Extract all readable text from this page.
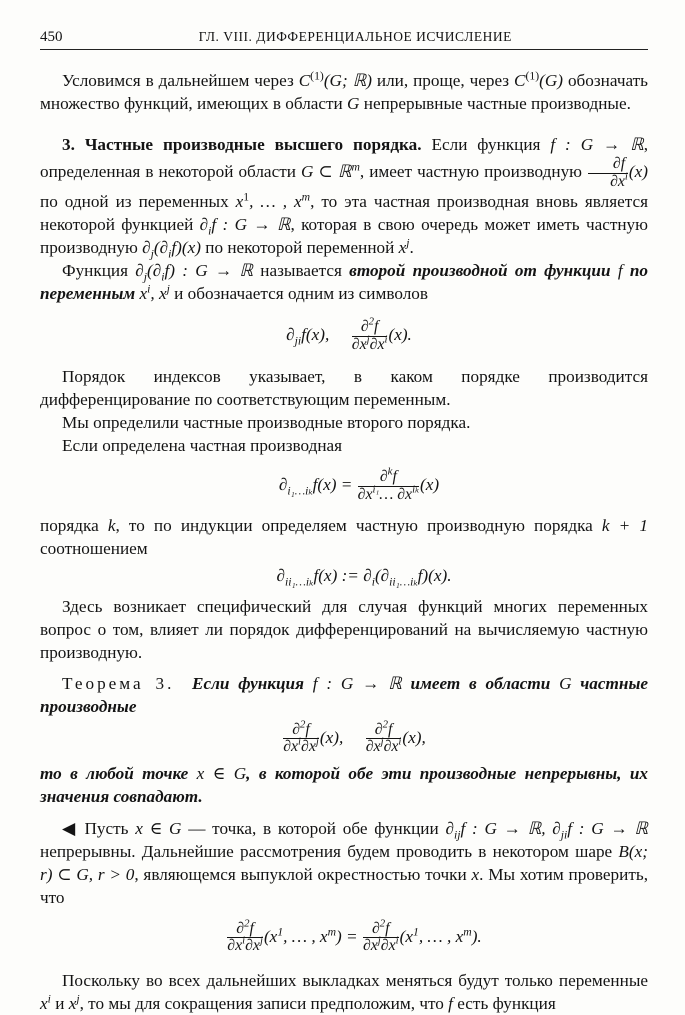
450	ГЛ. VIII. ДИФФЕРЕНЦИАЛЬНОЕ ИСЧИСЛЕНИЕ

Условимся в дальнейшем через $C^{(1)}(G$; ℝ) или, проще, через $C^{(1)}(G)$ обозначать множество функций, имеющих в области G непрерывные частные производные.

3. Частные производные высшего порядка. Если функция f : G → ℝ, определенная в некоторой области G ⊂ ℝ$^m$, имеет частную производную $\frac{\partial f}{\partial x^i} (x)$ по одной из переменных $x^1$, … , $x^m$, то эта частная производная вновь является некоторой функцией $\partial_if$ : G → ℝ, которая в свою очередь может иметь частную производную $\partial_j(\partial_if)(x)$ по некоторой переменной $x^j$.

Функция $\partial_j(\partial_if)$ : G → ℝ называется второй производной от функции f по переменным $x^i$, $x^j$ и обозначается одним из символов

$\partial_{ji}f(x)$, $\frac{\partial^2f}{\partial x^j\partial x^i} (x)$.

Порядок индексов указывает, в каком порядке производится дифференцирование по соответствующим переменным.

Мы определили частные производные второго порядка.

Если определена частная производная

$\partial_{i_1\dots i_k}f(x) = \frac{\partial^kf}{\partial x^{i_1}\dots \partial x^{i_k}} (x)$

порядка k, то по индукции определяем частную производную порядка k + 1 соотношением

$\partial_{ii_1\dots i_k}f(x)$ := $\partial_i(\partial_{ii_1\dots i_k}f)(x)$.

Здесь возникает специфический для случая функций многих переменных вопрос о том, влияет ли порядок дифференцирований на вычисляемую частную производную.

Теорема 3. Если функция f : G → ℝ имеет в области G частные производные

$\frac{\partial^2f}{\partial x^i\partial x^j} (x)$, $\frac{\partial^2f}{\partial x^j\partial x^i} (x)$,

то в любой точке x ∈ G, в которой обе эти производные непрерывны, их значения совпадают.

◀ Пусть x ∈ G — точка, в которой обе функции $\partial_{ij}f$ : G → ℝ, $\partial_{ji}f$ : G → ℝ непрерывны. Дальнейшие рассмотрения будем проводить в некотором шаре B(x; r) ⊂ G, r > 0, являющемся выпуклой окрестностью точки x. Мы хотим проверить, что

$\frac{\partial^2f}{\partial x^i\partial x^j} (x^1$, … , $x^m) = \frac{\partial^2f}{\partial x^j\partial x^i} (x^1$, … , $x^m$).

Поскольку во всех дальнейших выкладках меняться будут только переменные $x^i$ и $x^j$, то мы для сокращения записи предположим, что f есть функция
